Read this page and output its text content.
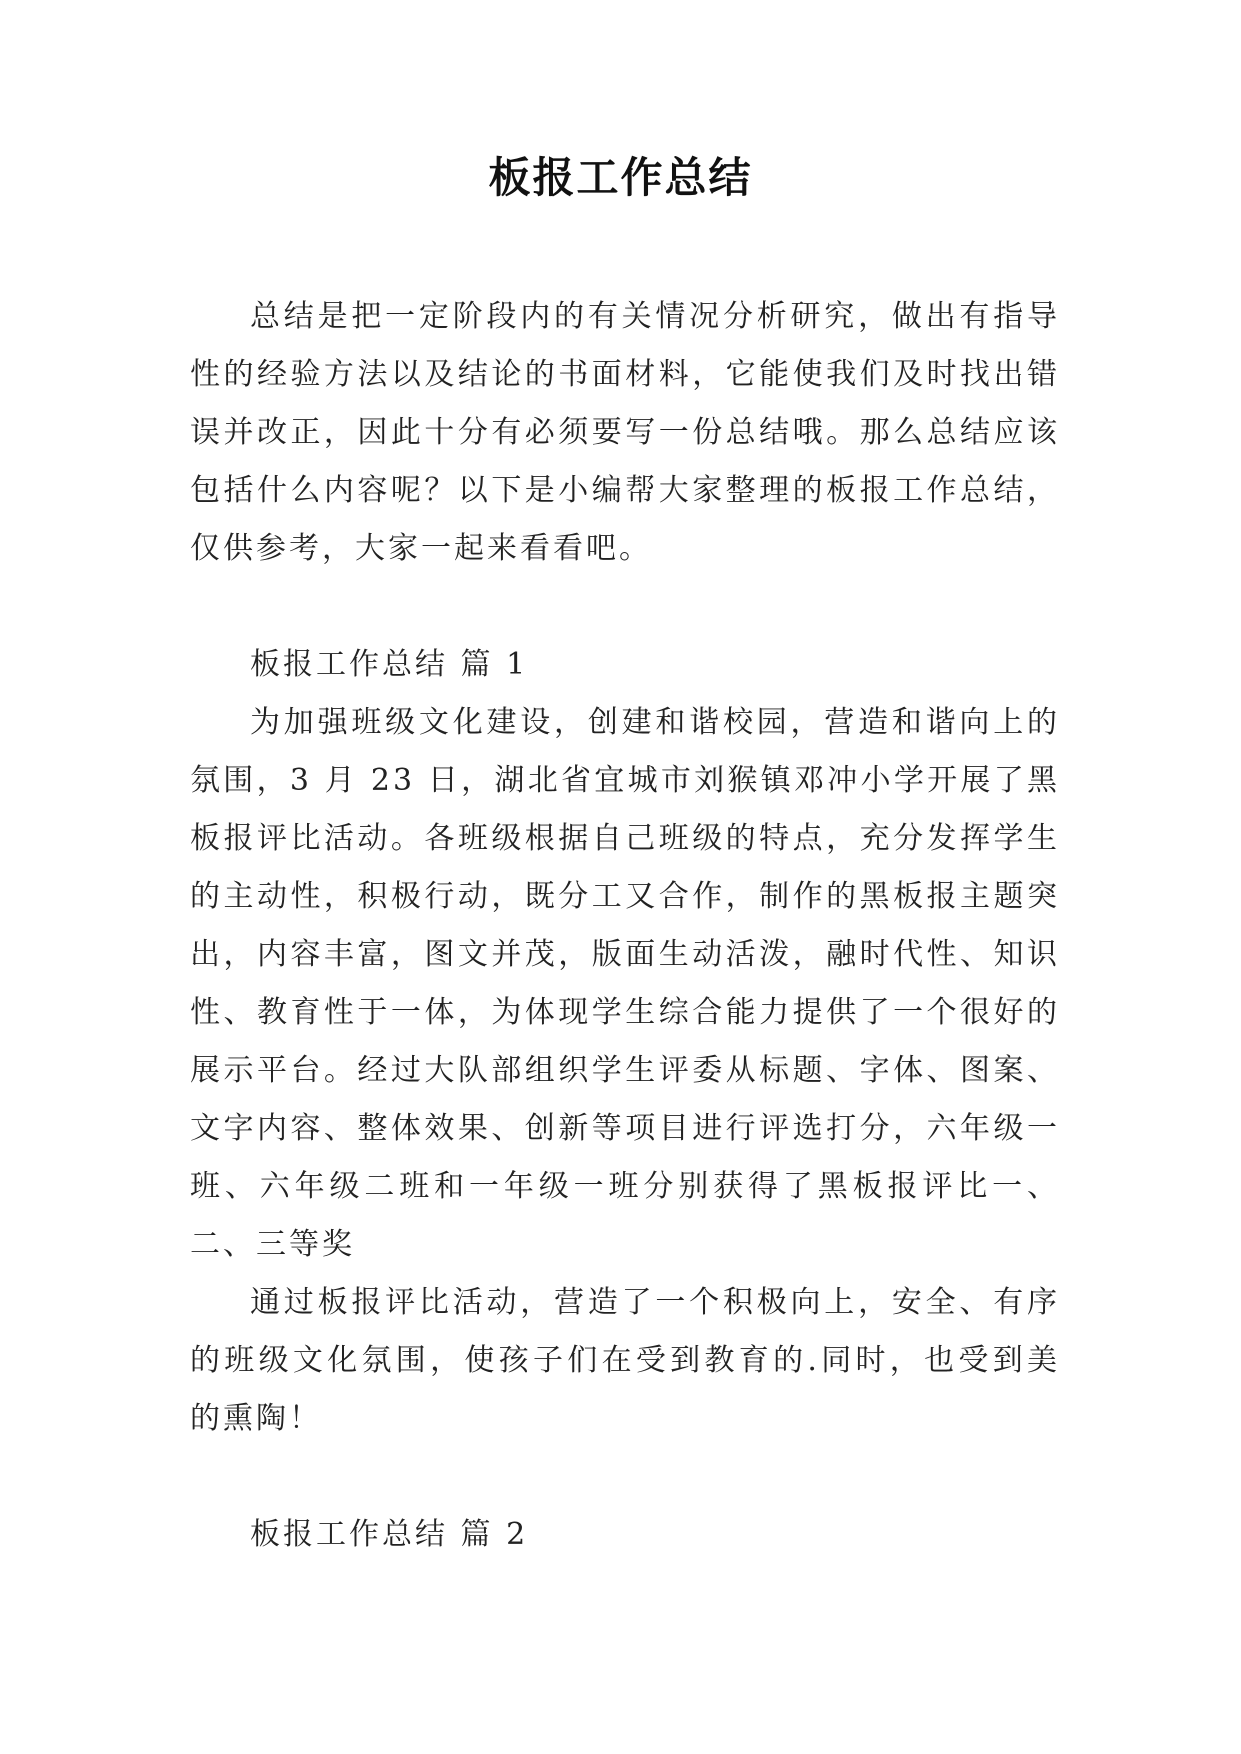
板报工作总结

总结是把一定阶段内的有关情况分析研究，做出有指导性的经验方法以及结论的书面材料，它能使我们及时找出错误并改正，因此十分有必须要写一份总结哦。那么总结应该包括什么内容呢？以下是小编帮大家整理的板报工作总结，仅供参考，大家一起来看看吧。

板报工作总结 篇 1

为加强班级文化建设，创建和谐校园，营造和谐向上的氛围，3 月 23 日，湖北省宜城市刘猴镇邓冲小学开展了黑板报评比活动。各班级根据自己班级的特点，充分发挥学生的主动性，积极行动，既分工又合作，制作的黑板报主题突出，内容丰富，图文并茂，版面生动活泼，融时代性、知识性、教育性于一体，为体现学生综合能力提供了一个很好的展示平台。经过大队部组织学生评委从标题、字体、图案、文字内容、整体效果、创新等项目进行评选打分，六年级一班、六年级二班和一年级一班分别获得了黑板报评比一、二、三等奖

通过板报评比活动，营造了一个积极向上，安全、有序的班级文化氛围，使孩子们在受到教育的.同时，也受到美的熏陶！

板报工作总结 篇 2
